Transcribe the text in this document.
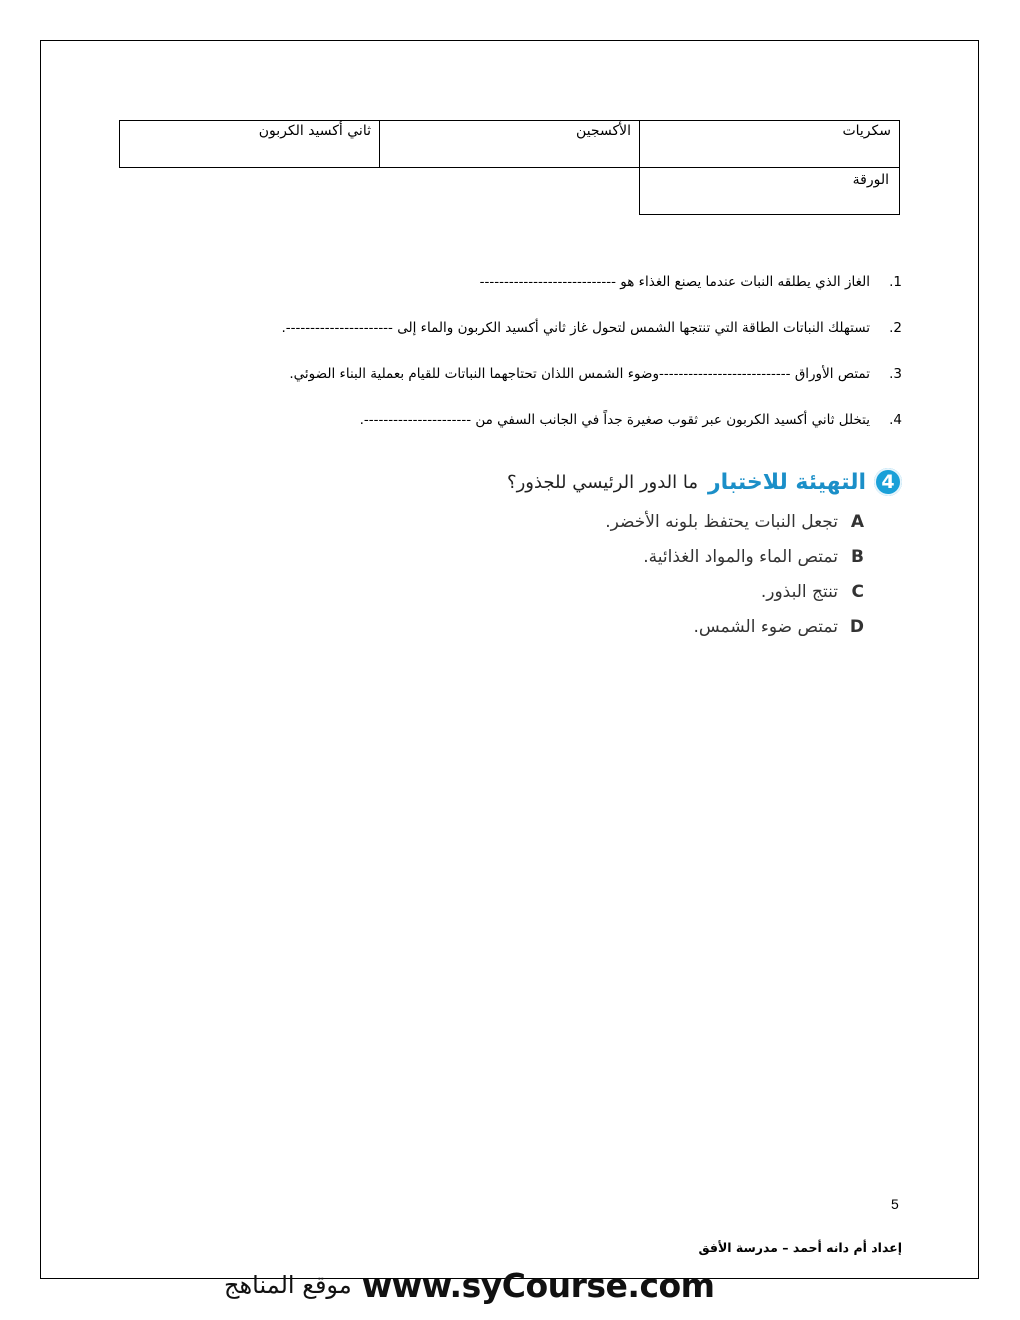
سكريات
الأكسجين
ثاني أكسيد الكربون
الورقة
.1
الغاز الذي يطلقه النبات عندما يصنع الغذاء هو ----------------------------
.2
تستهلك النباتات الطاقة التي تنتجها الشمس لتحول غاز ثاني أكسيد الكربون والماء إلى ----------------------.
.3
تمتص الأوراق ---------------------------وضوء الشمس اللذان تحتاجهما النباتات للقيام بعملية البناء الضوئي.
.4
يتخلل ثاني أكسيد الكربون عبر ثقوب صغيرة جداً في الجانب السفي من ----------------------.
4
التهيئة للاختبار
ما الدور الرئيسي للجذور؟
A
تجعل النبات يحتفظ بلونه الأخضر.
B
تمتص الماء والمواد الغذائية.
C
تنتج البذور.
D
تمتص ضوء الشمس.
5
إعداد أم دانه أحمد – مدرسة الأفق
موقع المناهج www.syCourse.com
